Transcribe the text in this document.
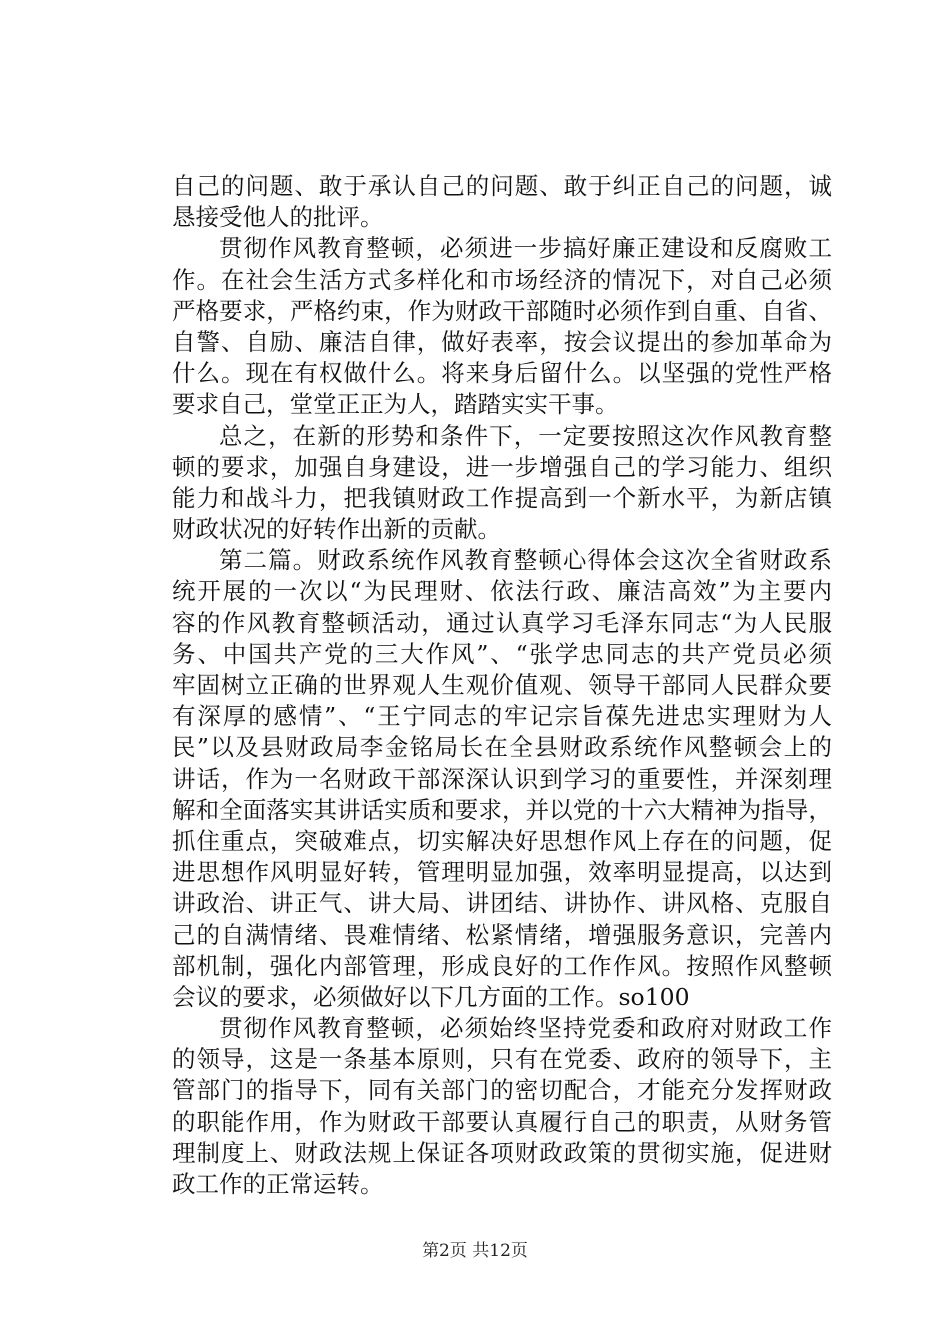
自己的问题、敢于承认自己的问题、敢于纠正自己的问题，诚
恳接受他人的批评。
贯彻作风教育整顿，必须进一步搞好廉正建设和反腐败工
作。在社会生活方式多样化和市场经济的情况下，对自己必须
严格要求，严格约束，作为财政干部随时必须作到自重、自省、
自警、自励、廉洁自律，做好表率，按会议提出的参加革命为
什么。现在有权做什么。将来身后留什么。以坚强的党性严格
要求自己，堂堂正正为人，踏踏实实干事。
总之，在新的形势和条件下，一定要按照这次作风教育整
顿的要求，加强自身建设，进一步增强自己的学习能力、组织
能力和战斗力，把我镇财政工作提高到一个新水平，为新店镇
财政状况的好转作出新的贡献。
第二篇。财政系统作风教育整顿心得体会这次全省财政系
统开展的一次以“为民理财、依法行政、廉洁高效”为主要内
容的作风教育整顿活动，通过认真学习毛泽东同志“为人民服
务、中国共产党的三大作风”、“张学忠同志的共产党员必须
牢固树立正确的世界观人生观价值观、领导干部同人民群众要
有深厚的感情”、“王宁同志的牢记宗旨葆先进忠实理财为人
民”以及县财政局李金铭局长在全县财政系统作风整顿会上的
讲话，作为一名财政干部深深认识到学习的重要性，并深刻理
解和全面落实其讲话实质和要求，并以党的十六大精神为指导，
抓住重点，突破难点，切实解决好思想作风上存在的问题，促
进思想作风明显好转，管理明显加强，效率明显提高，以达到
讲政治、讲正气、讲大局、讲团结、讲协作、讲风格、克服自
己的自满情绪、畏难情绪、松紧情绪，增强服务意识，完善内
部机制，强化内部管理，形成良好的工作作风。按照作风整顿
会议的要求，必须做好以下几方面的工作。so100
贯彻作风教育整顿，必须始终坚持党委和政府对财政工作
的领导，这是一条基本原则，只有在党委、政府的领导下，主
管部门的指导下，同有关部门的密切配合，才能充分发挥财政
的职能作用，作为财政干部要认真履行自己的职责，从财务管
理制度上、财政法规上保证各项财政政策的贯彻实施，促进财
政工作的正常运转。
第2页 共12页
